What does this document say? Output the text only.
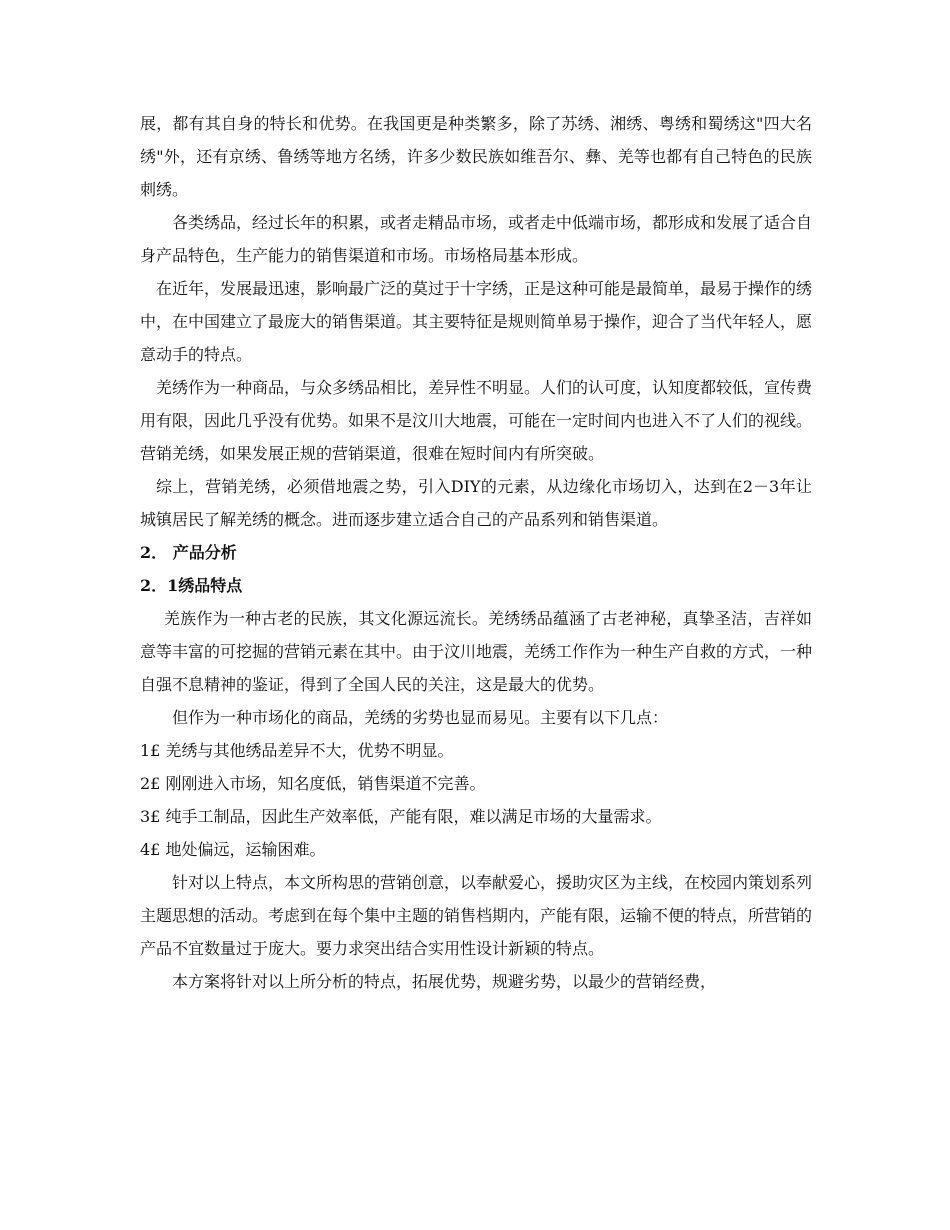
展，都有其自身的特长和优势。在我国更是种类繁多，除了苏绣、湘绣、粤绣和蜀绣这"四大名绣"外，还有京绣、鲁绣等地方名绣，许多少数民族如维吾尔、彝、羌等也都有自己特色的民族刺绣。

各类绣品，经过长年的积累，或者走精品市场，或者走中低端市场，都形成和发展了适合自身产品特色，生产能力的销售渠道和市场。市场格局基本形成。

在近年，发展最迅速，影响最广泛的莫过于十字绣，正是这种可能是最简单，最易于操作的绣中，在中国建立了最庞大的销售渠道。其主要特征是规则简单易于操作，迎合了当代年轻人，愿意动手的特点。

羌绣作为一种商品，与众多绣品相比，差异性不明显。人们的认可度，认知度都较低，宣传费用有限，因此几乎没有优势。如果不是汶川大地震，可能在一定时间内也进入不了人们的视线。营销羌绣，如果发展正规的营销渠道，很难在短时间内有所突破。

综上，营销羌绣，必须借地震之势，引入DIY的元素，从边缘化市场切入，达到在2－3年让城镇居民了解羌绣的概念。进而逐步建立适合自己的产品系列和销售渠道。

2． 产品分析

2．1绣品特点

羌族作为一种古老的民族，其文化源远流长。羌绣绣品蕴涵了古老神秘，真挚圣洁，吉祥如意等丰富的可挖掘的营销元素在其中。由于汶川地震，羌绣工作作为一种生产自救的方式，一种自强不息精神的鉴证，得到了全国人民的关注，这是最大的优势。

但作为一种市场化的商品，羌绣的劣势也显而易见。主要有以下几点：

1£ 羌绣与其他绣品差异不大，优势不明显。

2£ 刚刚进入市场，知名度低，销售渠道不完善。

3£ 纯手工制品，因此生产效率低，产能有限，难以满足市场的大量需求。

4£ 地处偏远，运输困难。

针对以上特点，本文所构思的营销创意，以奉献爱心，援助灾区为主线，在校园内策划系列主题思想的活动。考虑到在每个集中主题的销售档期内，产能有限，运输不便的特点，所营销的产品不宜数量过于庞大。要力求突出结合实用性设计新颖的特点。

本方案将针对以上所分析的特点，拓展优势，规避劣势，以最少的营销经费，
